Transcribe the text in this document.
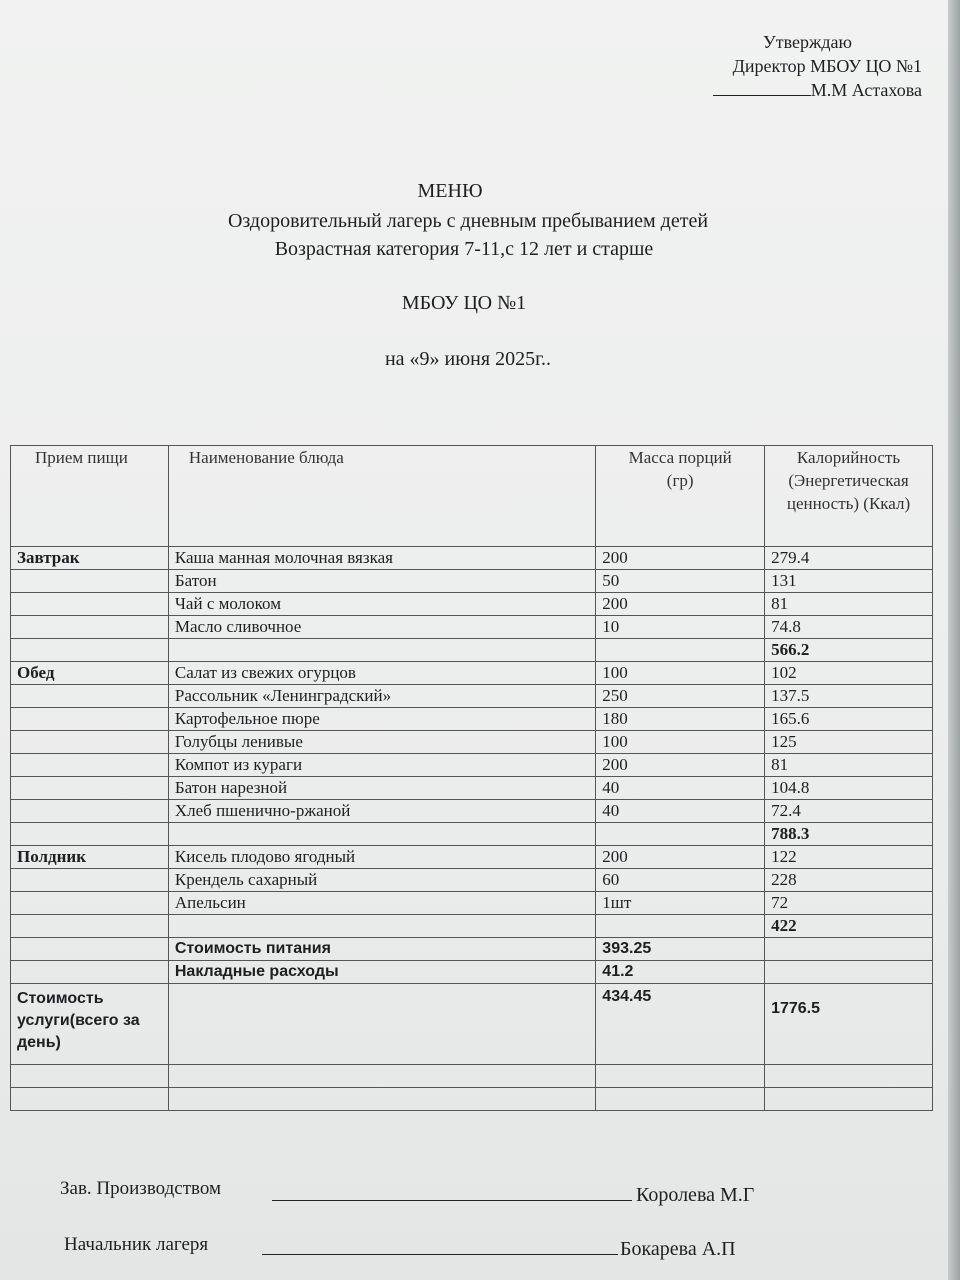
Утверждаю
Директор МБОУ ЦО №1
М.М Астахова
МЕНЮ
Оздоровительный лагерь с дневным пребыванием детей
Возрастная категория 7-11,с 12 лет и старше
МБОУ ЦО №1
на «9» июня 2025г..
Прием пищи	Наименование блюда	Масса порций (гр)	Калорийность (Энергетическая ценность) (Ккал)
Завтрак	Каша манная молочная вязкая	200	279.4
	Батон	50	131
	Чай с молоком	200	81
	Масло сливочное	10	74.8
			566.2
Обед	Салат из свежих огурцов	100	102
	Рассольник «Ленинградский»	250	137.5
	Картофельное пюре	180	165.6
	Голубцы ленивые	100	125
	Компот из кураги	200	81
	Батон нарезной	40	104.8
	Хлеб пшенично-ржаной	40	72.4
			788.3
Полдник	Кисель плодово ягодный	200	122
	Крендель сахарный	60	228
	Апельсин	1шт	72
			422
	Стоимость питания	393.25	
	Накладные расходы	41.2	
Стоимость услуги(всего за день)		434.45	1776.5

Зав. Производством	Королева М.Г
Начальник лагеря	Бокарева А.П
